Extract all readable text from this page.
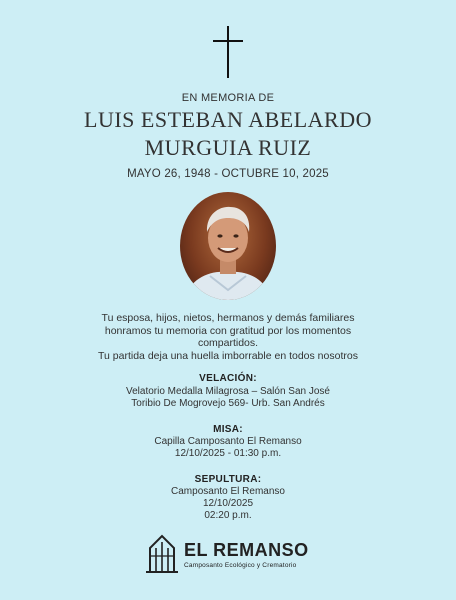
EN MEMORIA DE
LUIS ESTEBAN ABELARDO
MURGUIA RUIZ
MAYO 26, 1948 - OCTUBRE 10, 2025
Tu esposa, hijos, nietos, hermanos y demás familiares
honramos tu memoria con gratitud por los momentos
compartidos.
Tu partida deja una huella imborrable en todos nosotros
VELACIÓN:
Velatorio Medalla Milagrosa – Salón San José
Toribio De Mogrovejo 569- Urb. San Andrés
MISA:
Capilla Camposanto El Remanso
12/10/2025 - 01:30 p.m.
SEPULTURA:
Camposanto El Remanso
12/10/2025
02:20 p.m.
EL REMANSO
Camposanto Ecológico y Crematorio
